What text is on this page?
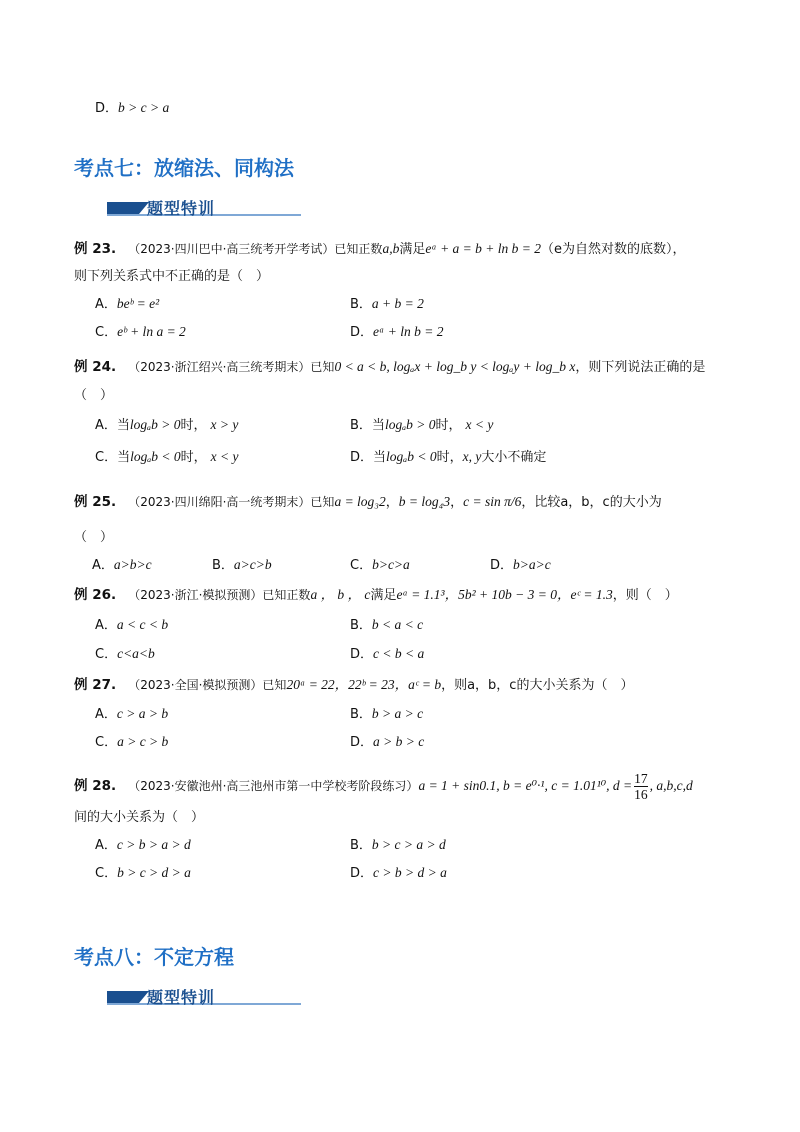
D．b > c > a
考点七：放缩法、同构法
题型特训
例 23. （2023·四川巴中·高三统考开学考试）已知正数a,b满足eᵃ + a = b + ln b = 2（e为自然对数的底数），
则下列关系式中不正确的是（　）
A．beᵇ = e²	B．a + b = 2
C．eᵇ + ln a = 2	D．eᵃ + ln b = 2
例 24. （2023·浙江绍兴·高三统考期末）已知0 < a < b, logₐx + log_b y < logₐy + log_b x，则下列说法正确的是
（　）
A．当logₐb > 0时， x > y	B．当logₐb > 0时， x < y
C．当logₐb < 0时， x < y	D．当logₐb < 0时，x, y大小不确定
例 25. （2023·四川绵阳·高一统考期末）已知a = log₃2，b = log₄3，c = sin π/6，比较a，b，c的大小为
（　）
A．a>b>c	B．a>c>b	C．b>c>a	D．b>a>c
例 26. （2023·浙江·模拟预测）已知正数a ， b ， c满足eᵃ = 1.1³，5b² + 10b − 3 = 0，eᶜ = 1.3，则（　）
A．a < c < b	B．b < a < c
C．c<a<b	D．c < b < a
例 27. （2023·全国·模拟预测）已知20ᵃ = 22，22ᵇ = 23，aᶜ = b，则a，b，c的大小关系为（　）
A．c > a > b	B．b > a > c
C．a > c > b	D．a > b > c
例 28. （2023·安徽池州·高三池州市第一中学校考阶段练习）a = 1 + sin0.1, b = e⁰·¹, c = 1.01¹⁰, $d = \frac{17}{16}$ , a,b,c,d
间的大小关系为（　）
A．c > b > a > d	B．b > c > a > d
C．b > c > d > a	D．c > b > d > a
考点八：不定方程
题型特训
